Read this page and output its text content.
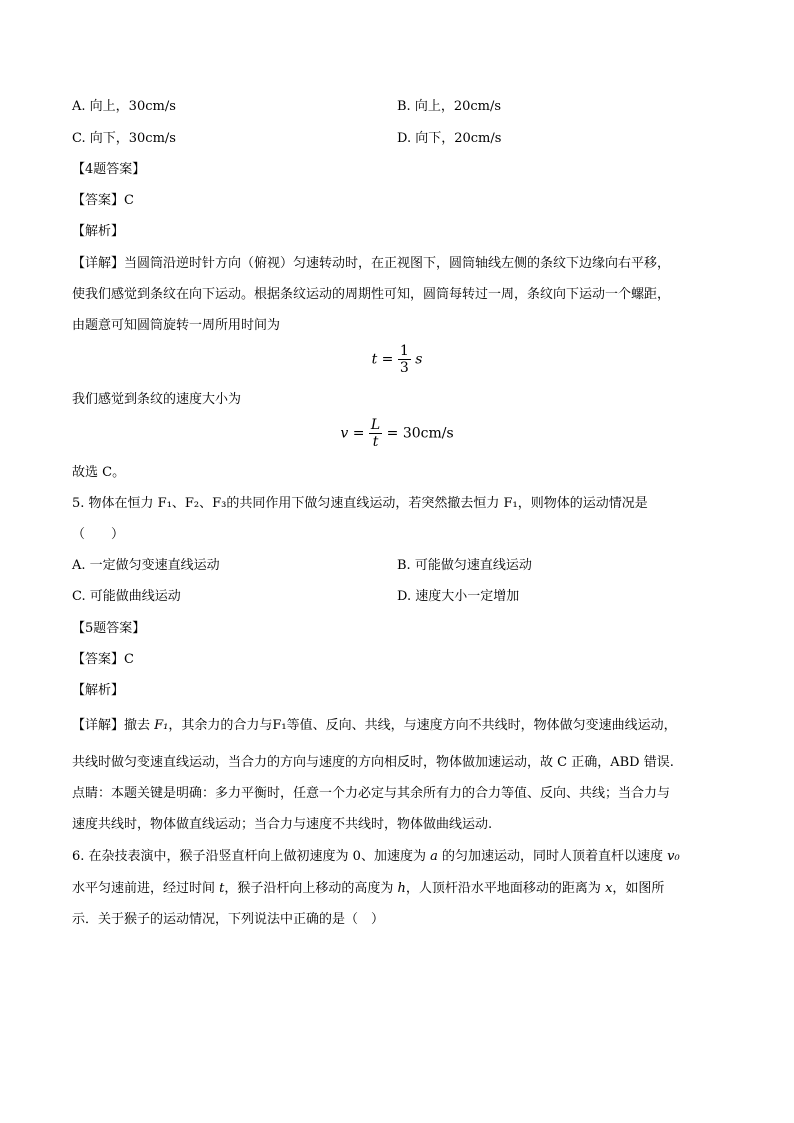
A. 向上，30cm/s	B. 向上，20cm/s
C. 向下，30cm/s	D. 向下，20cm/s
【4题答案】
【答案】C
【解析】
【详解】当圆筒沿逆时针方向（俯视）匀速转动时，在正视图下，圆筒轴线左侧的条纹下边缘向右平移，
使我们感觉到条纹在向下运动。根据条纹运动的周期性可知，圆筒每转过一周，条纹向下运动一个螺距，
由题意可知圆筒旋转一周所用时间为
$t = \frac{1}{3}$ s
我们感觉到条纹的速度大小为
$v = \frac{L}{t} = 30cm/s$
故选 C。
5. 物体在恒力 F₁、F₂、F₃的共同作用下做匀速直线运动，若突然撤去恒力 F₁，则物体的运动情况是
（　　）
A. 一定做匀变速直线运动	B. 可能做匀速直线运动
C. 可能做曲线运动	D. 速度大小一定增加
【5题答案】
【答案】C
【解析】
【详解】撤去 F₁，其余力的合力与F₁等值、反向、共线，与速度方向不共线时，物体做匀变速曲线运动，
共线时做匀变速直线运动，当合力的方向与速度的方向相反时，物体做加速运动，故 C 正确，ABD 错误.
点睛：本题关键是明确：多力平衡时，任意一个力必定与其余所有力的合力等值、反向、共线；当合力与
速度共线时，物体做直线运动；当合力与速度不共线时，物体做曲线运动.
6. 在杂技表演中，猴子沿竖直杆向上做初速度为 0、加速度为 a 的匀加速运动，同时人顶着直杆以速度 v₀
水平匀速前进，经过时间 t，猴子沿杆向上移动的高度为 h，人顶杆沿水平地面移动的距离为 x，如图所
示．关于猴子的运动情况，下列说法中正确的是（　）
